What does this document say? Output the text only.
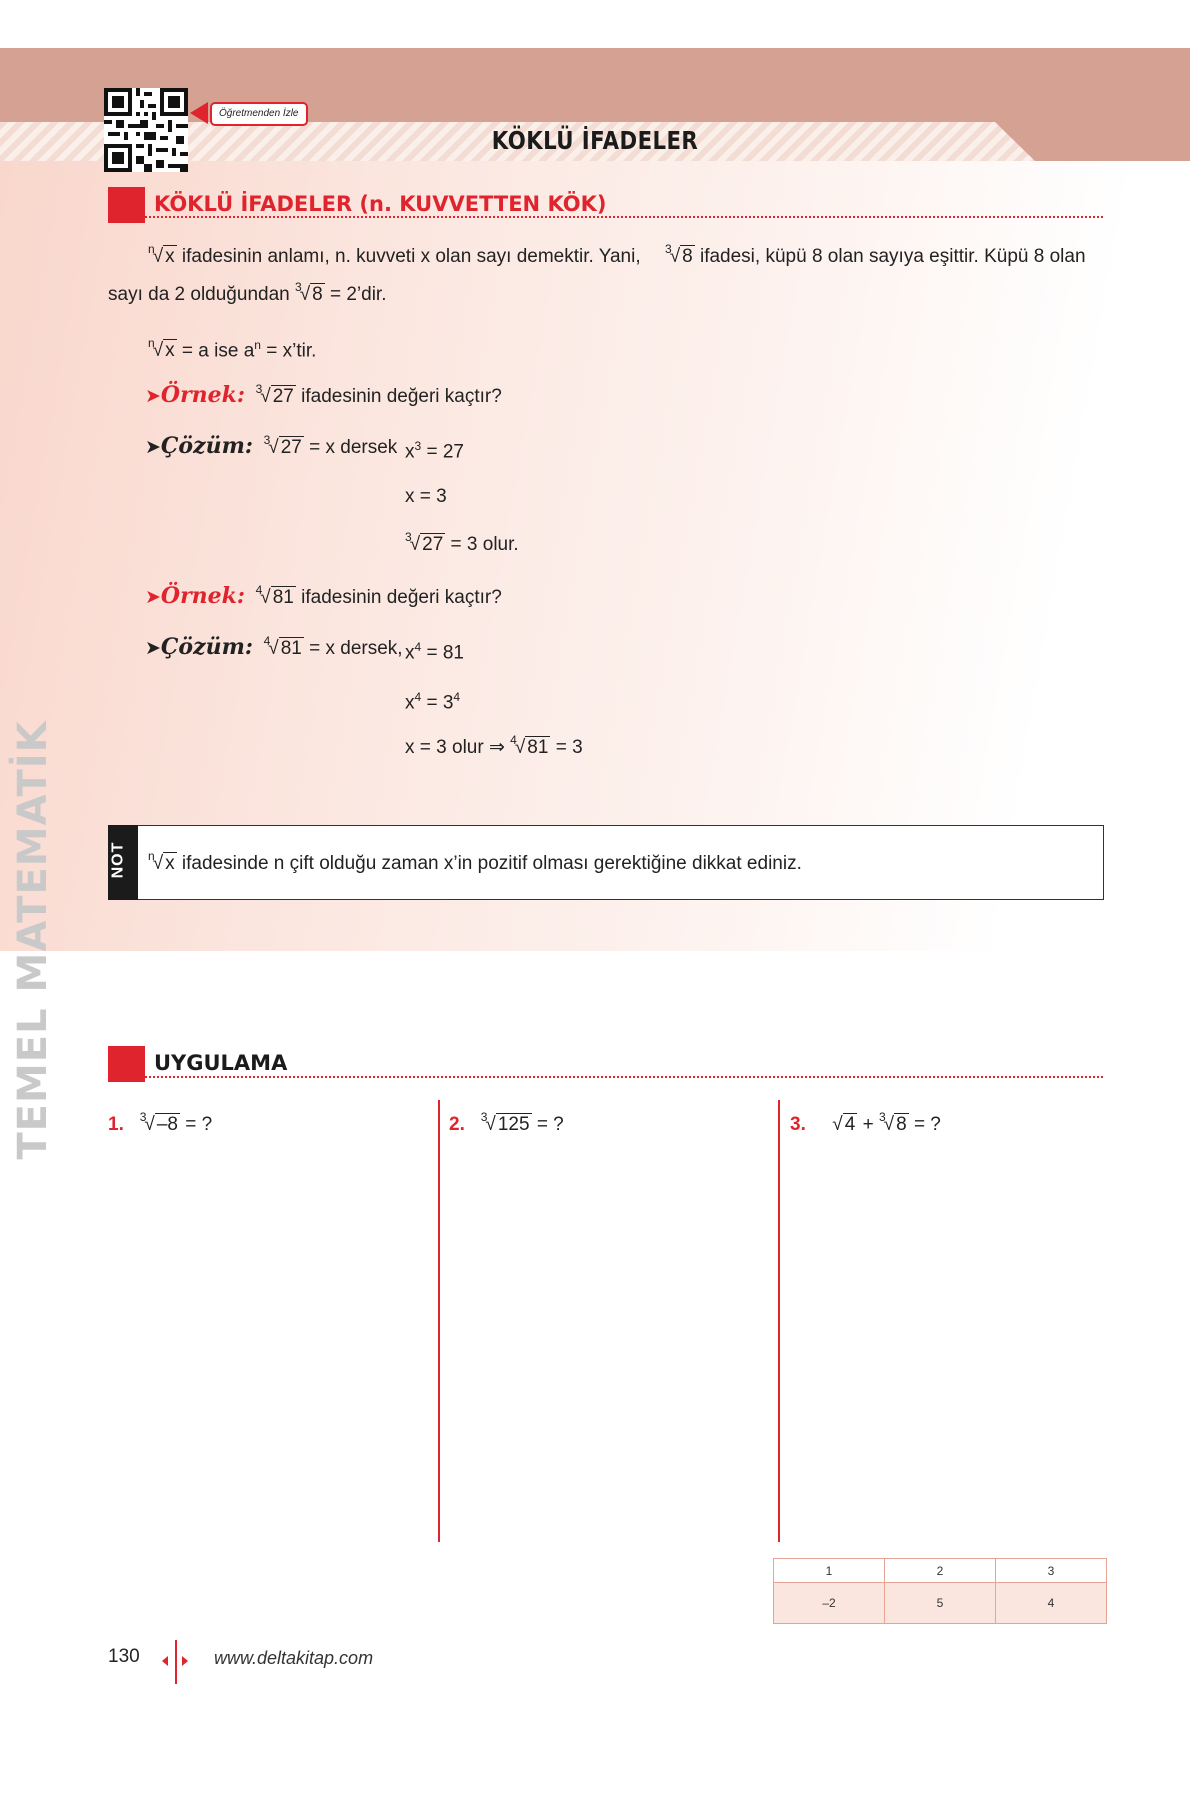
KÖKLÜ İFADELER
Öğretmenden İzle
TEMEL MATEMATİK
KÖKLÜ İFADELER (n. KUVVETTEN KÖK)
$^n$√ x ifadesinin anlamı, n. kuvveti x olan sayı demektir. Yani, $^3$√ 8 ifadesi, küpü 8 olan sayıya eşittir. Küpü 8 olan
sayı da 2 olduğundan $^3$√ 8 = 2’dir.
$^n$√ x = a ise $a^n$ = x’tir.
➤Örnek: $^3$√ 27 ifadesinin değeri kaçtır?
➤Çözüm: $^3$√ 27 = x dersek $x^3 = 27$
x = 3
$^3$√ 27 = 3 olur.
➤Örnek: $^4$√ 81 ifadesinin değeri kaçtır?
➤Çözüm: $^4$√ 81 = x dersek, $x^4 = 81$
$x^4 = 3^4$
x = 3 olur ⇒ $^4$√ 81 = 3
NOT $^n$√ x ifadesinde n çift olduğu zaman x’in pozitif olması gerektiğine dikkat ediniz.
UYGULAMA
1. $^3$√ –8 = ?	2. $^3$√ 125 = ?	3. √ 4 + $^3$√ 8 = ?
1	2	3
–2	5	4
130	www.deltakitap.com
